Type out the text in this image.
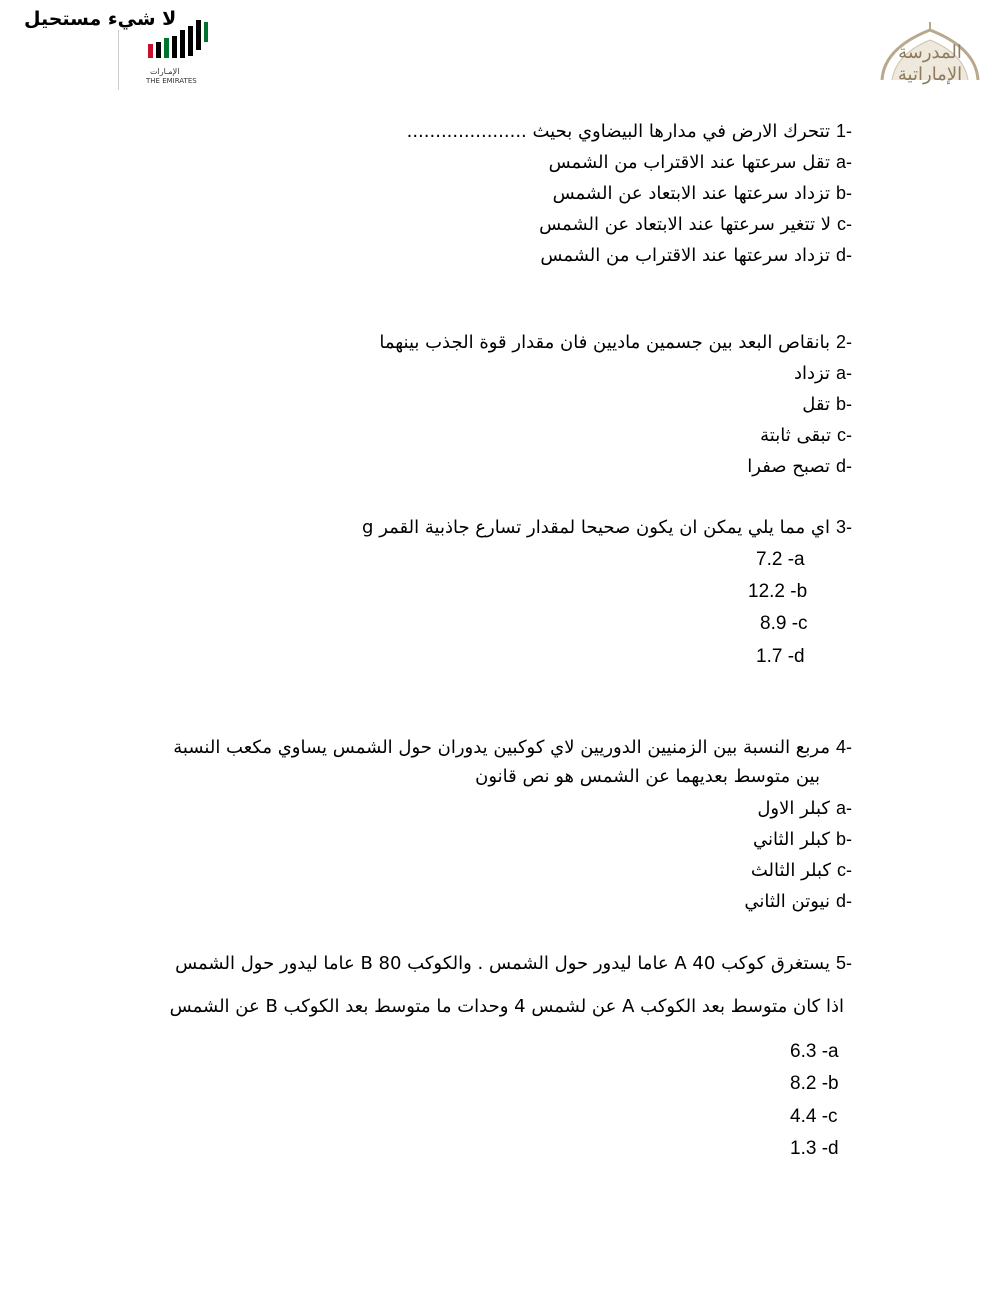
لا شيء مستحيل
الإمـارات
THE EMIRATES
المدرسة
الإماراتية
-1تتحرك الارض في مدارها البيضاوي بحيث .....................
-aتقل سرعتها عند الاقتراب من الشمس
-bتزداد سرعتها عند الابتعاد عن الشمس
-cلا تتغير سرعتها عند الابتعاد عن الشمس
-dتزداد سرعتها عند الاقتراب من الشمس
-2بانقاص البعد بين جسمين ماديين فان مقدار قوة الجذب بينهما
-aتزداد
-bتقل
-cتبقى ثابتة
-dتصبح صفرا
-3اي مما يلي يمكن ان يكون صحيحا لمقدار تسارع جاذبية القمر g
7.2 -a
12.2 -b
8.9 -c
1.7 -d
-4مربع النسبة بين الزمنيين الدوريين لاي كوكبين يدوران حول الشمس يساوي مكعب النسبة
بين متوسط بعديهما عن الشمس هو نص قانون
-aكبلر الاول
-bكبلر الثاني
-cكبلر الثالث
-dنيوتن الثاني
-5يستغرق كوكب A 40 عاما ليدور حول الشمس . والكوكب B 80 عاما ليدور حول الشمس
اذا كان متوسط بعد الكوكب A عن لشمس 4 وحدات ما متوسط بعد الكوكب B عن الشمس
6.3 -a
8.2 -b
4.4 -c
1.3 -d
